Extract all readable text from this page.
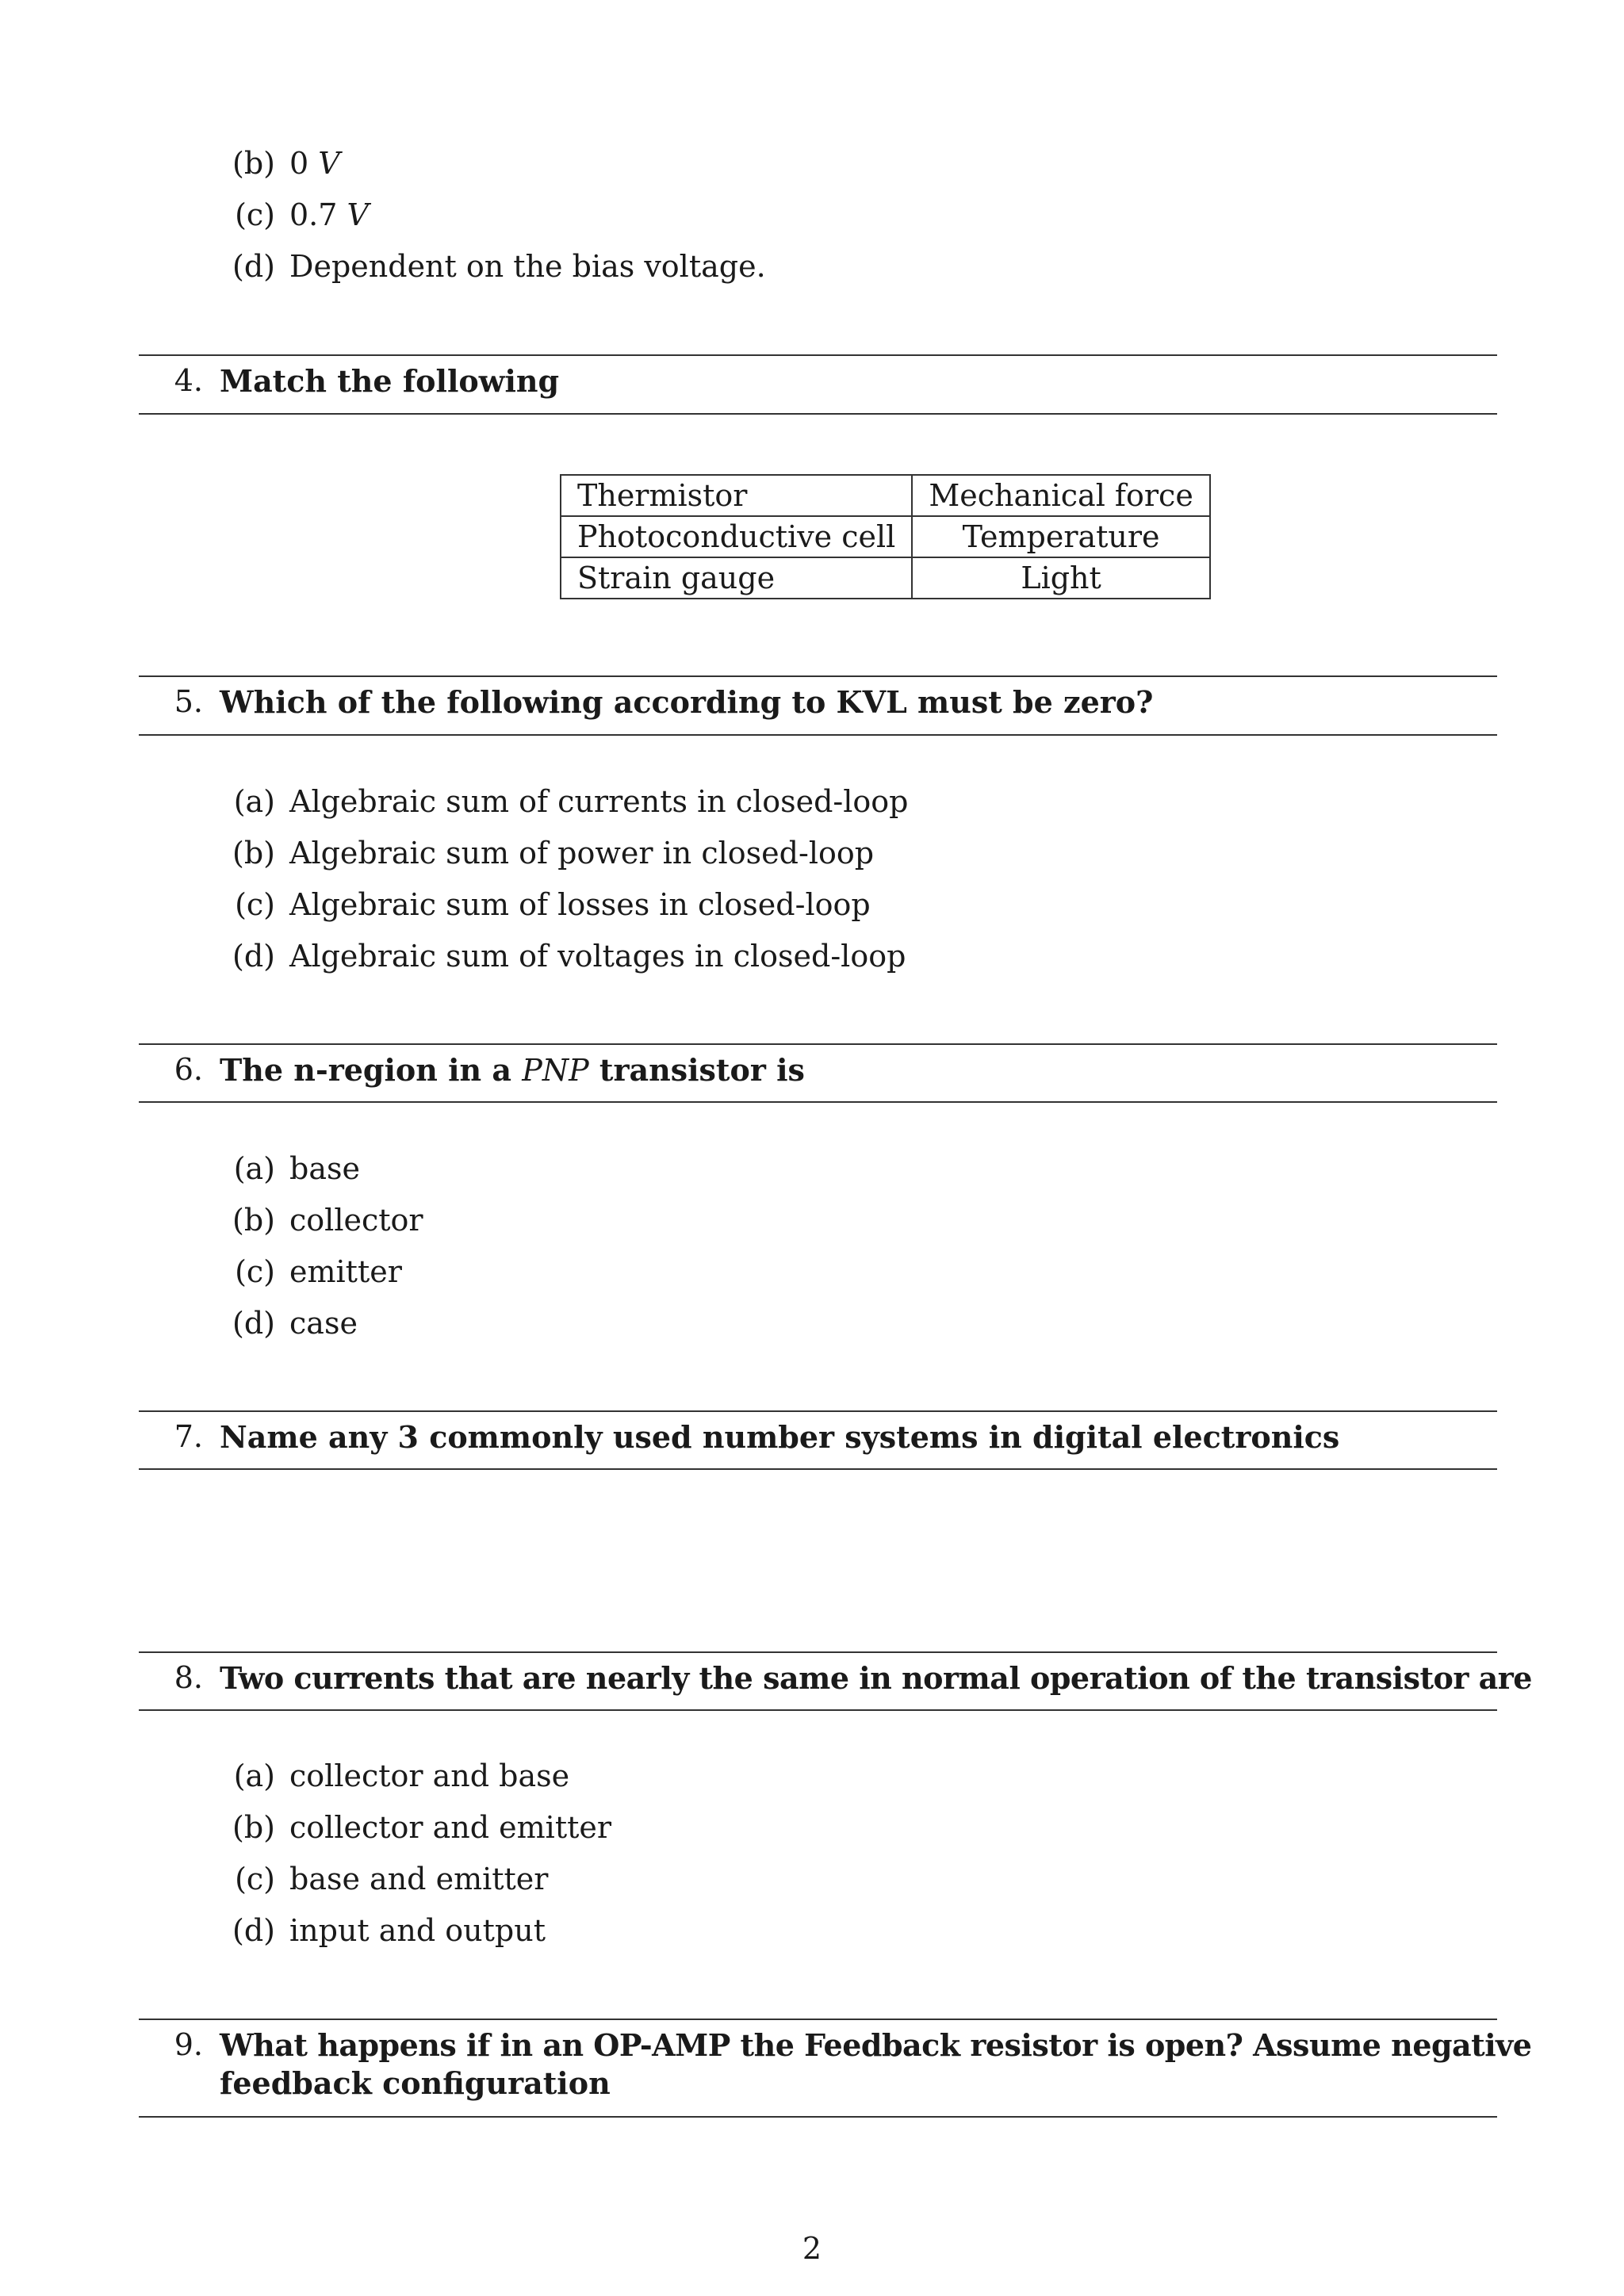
(b) 0 V
(c) 0.7 V
(d) Dependent on the bias voltage.
4. Match the following
Thermistor	Mechanical force
Photoconductive cell	Temperature
Strain gauge	Light
5. Which of the following according to KVL must be zero?
(a) Algebraic sum of currents in closed-loop
(b) Algebraic sum of power in closed-loop
(c) Algebraic sum of losses in closed-loop
(d) Algebraic sum of voltages in closed-loop
6. The n-region in a PNP transistor is
(a) base
(b) collector
(c) emitter
(d) case
7. Name any 3 commonly used number systems in digital electronics
8. Two currents that are nearly the same in normal operation of the transistor are
(a) collector and base
(b) collector and emitter
(c) base and emitter
(d) input and output
9. What happens if in an OP-AMP the Feedback resistor is open? Assume negative
feedback configuration
2
